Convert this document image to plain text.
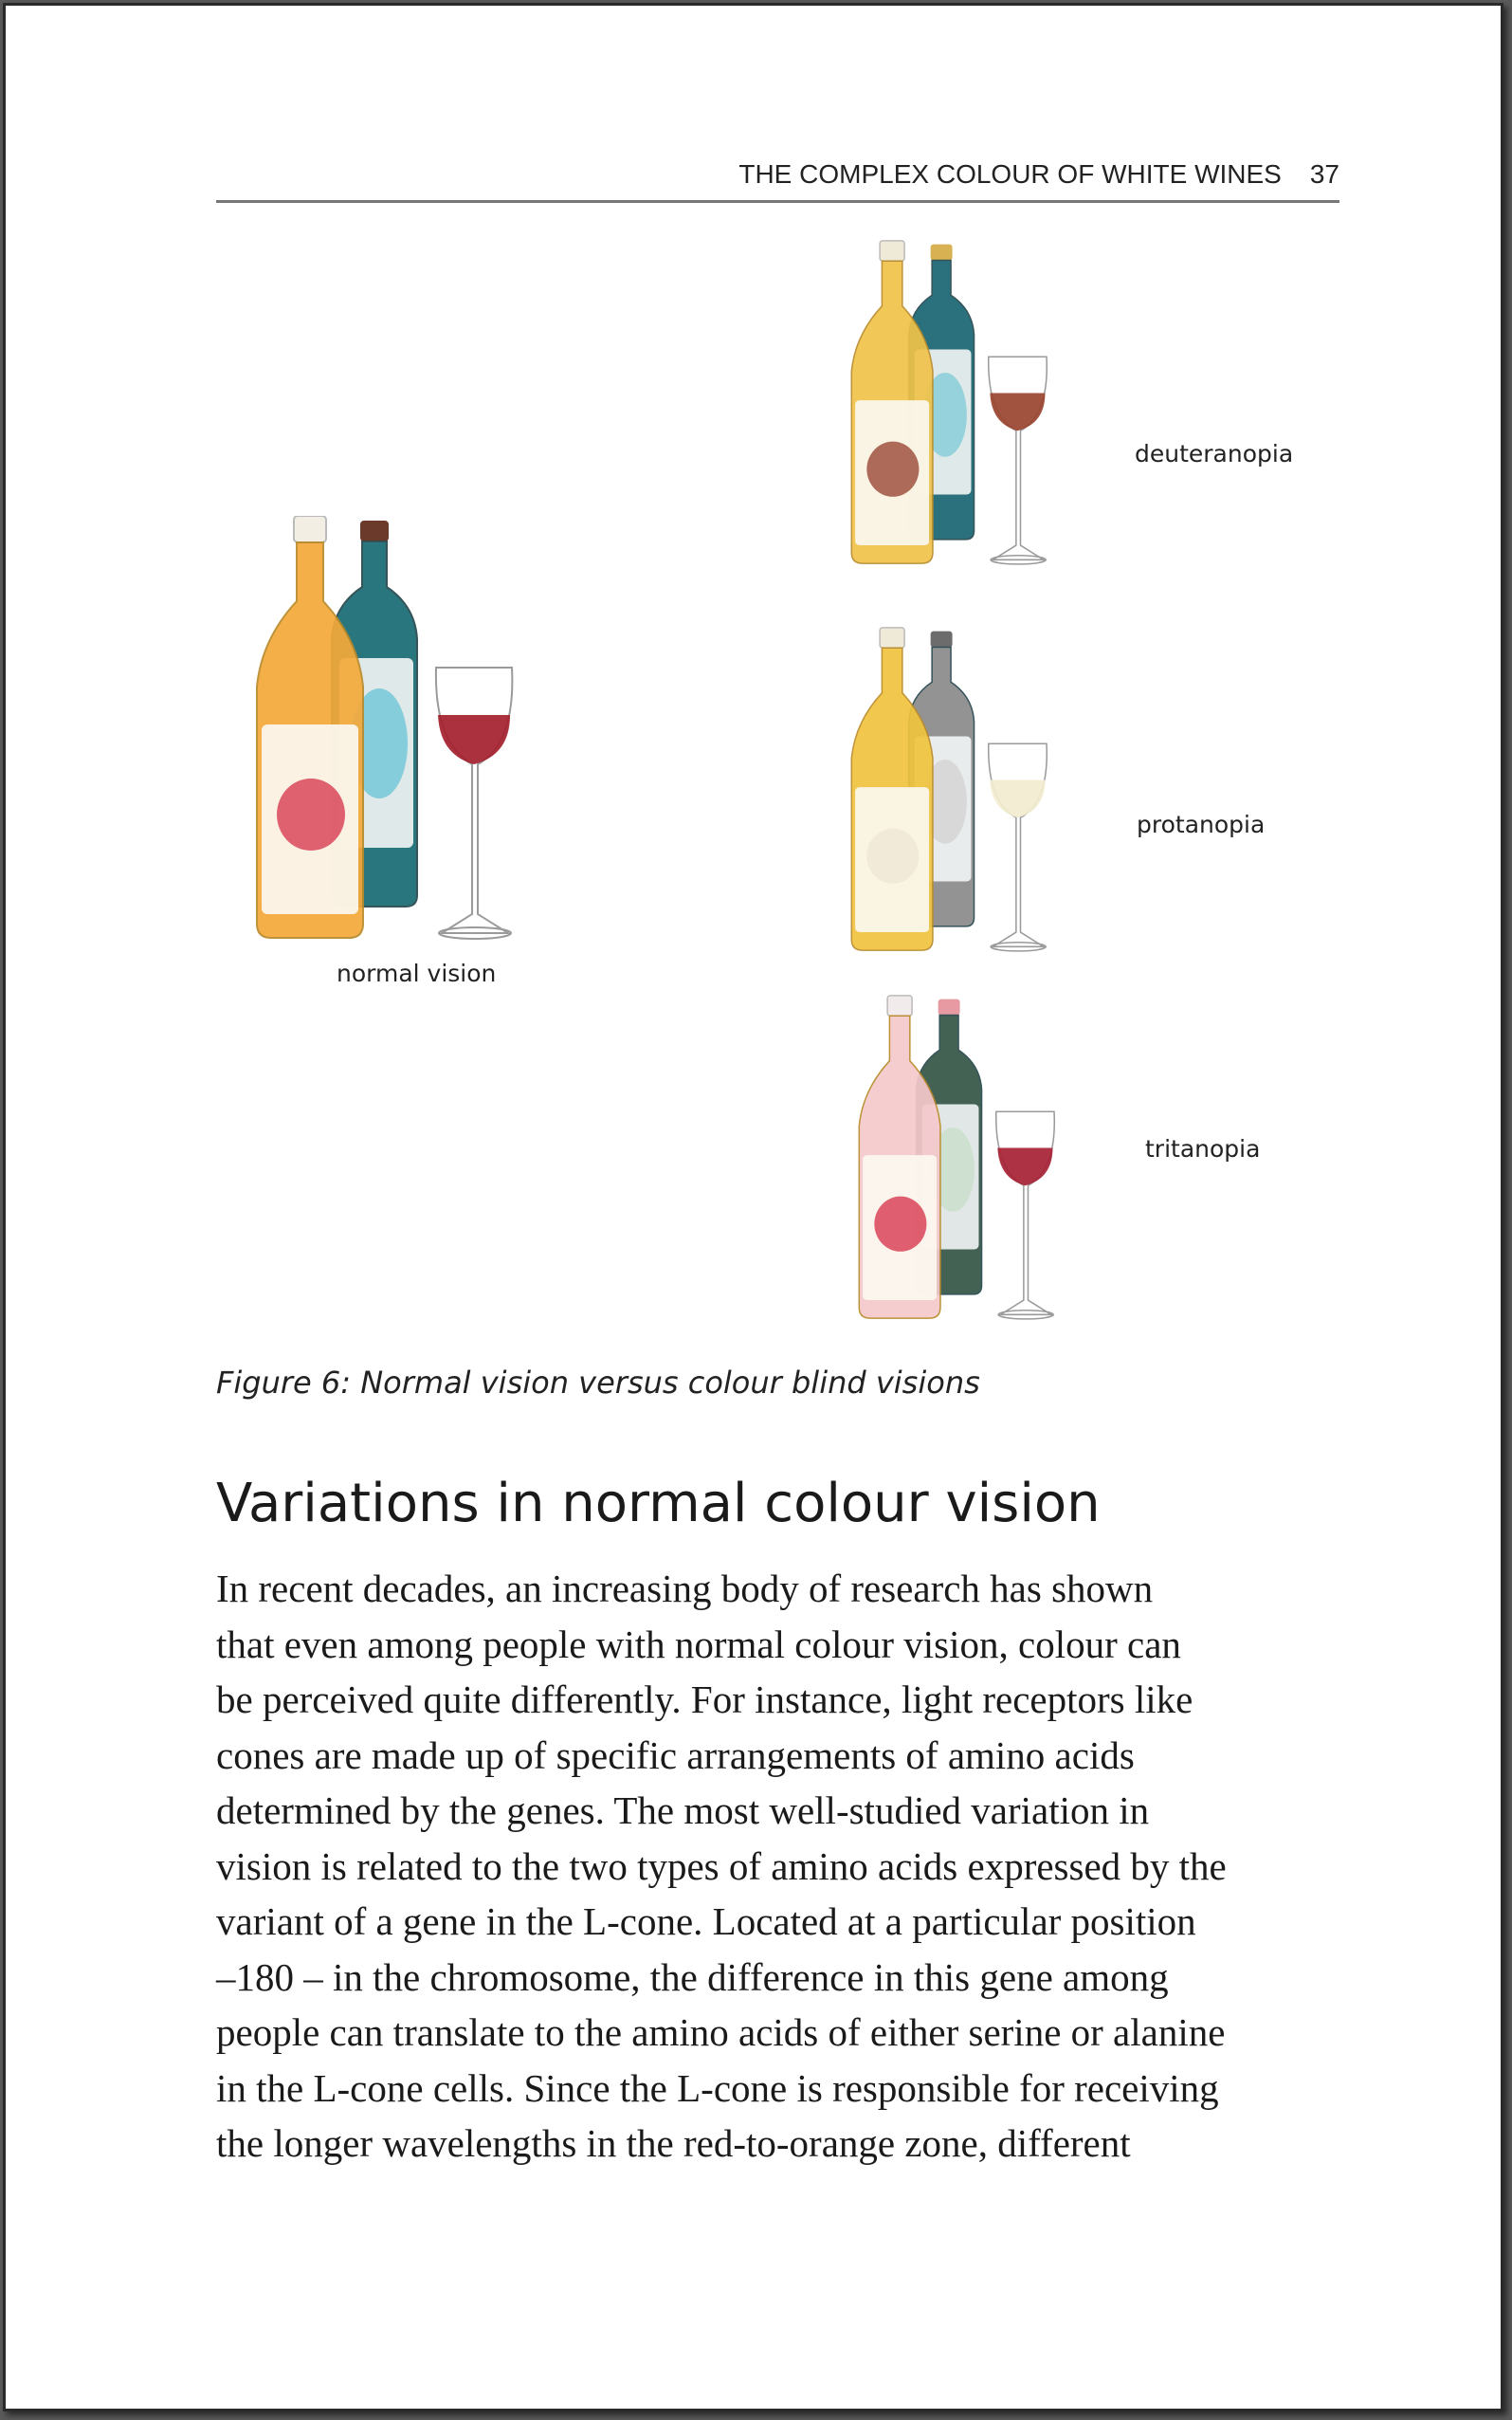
THE COMPLEX COLOUR OF WHITE WINES 37
normal vision
deuteranopia
protanopia
tritanopia
Figure 6: Normal vision versus colour blind visions
Variations in normal colour vision
In recent decades, an increasing body of research has shown
that even among people with normal colour vision, colour can
be perceived quite differently. For instance, light receptors like
cones are made up of specific arrangements of amino acids
determined by the genes. The most well-studied variation in
vision is related to the two types of amino acids expressed by the
variant of a gene in the L-cone. Located at a particular position
–180 – in the chromosome, the difference in this gene among
people can translate to the amino acids of either serine or alanine
in the L-cone cells. Since the L-cone is responsible for receiving
the longer wavelengths in the red-to-orange zone, different
